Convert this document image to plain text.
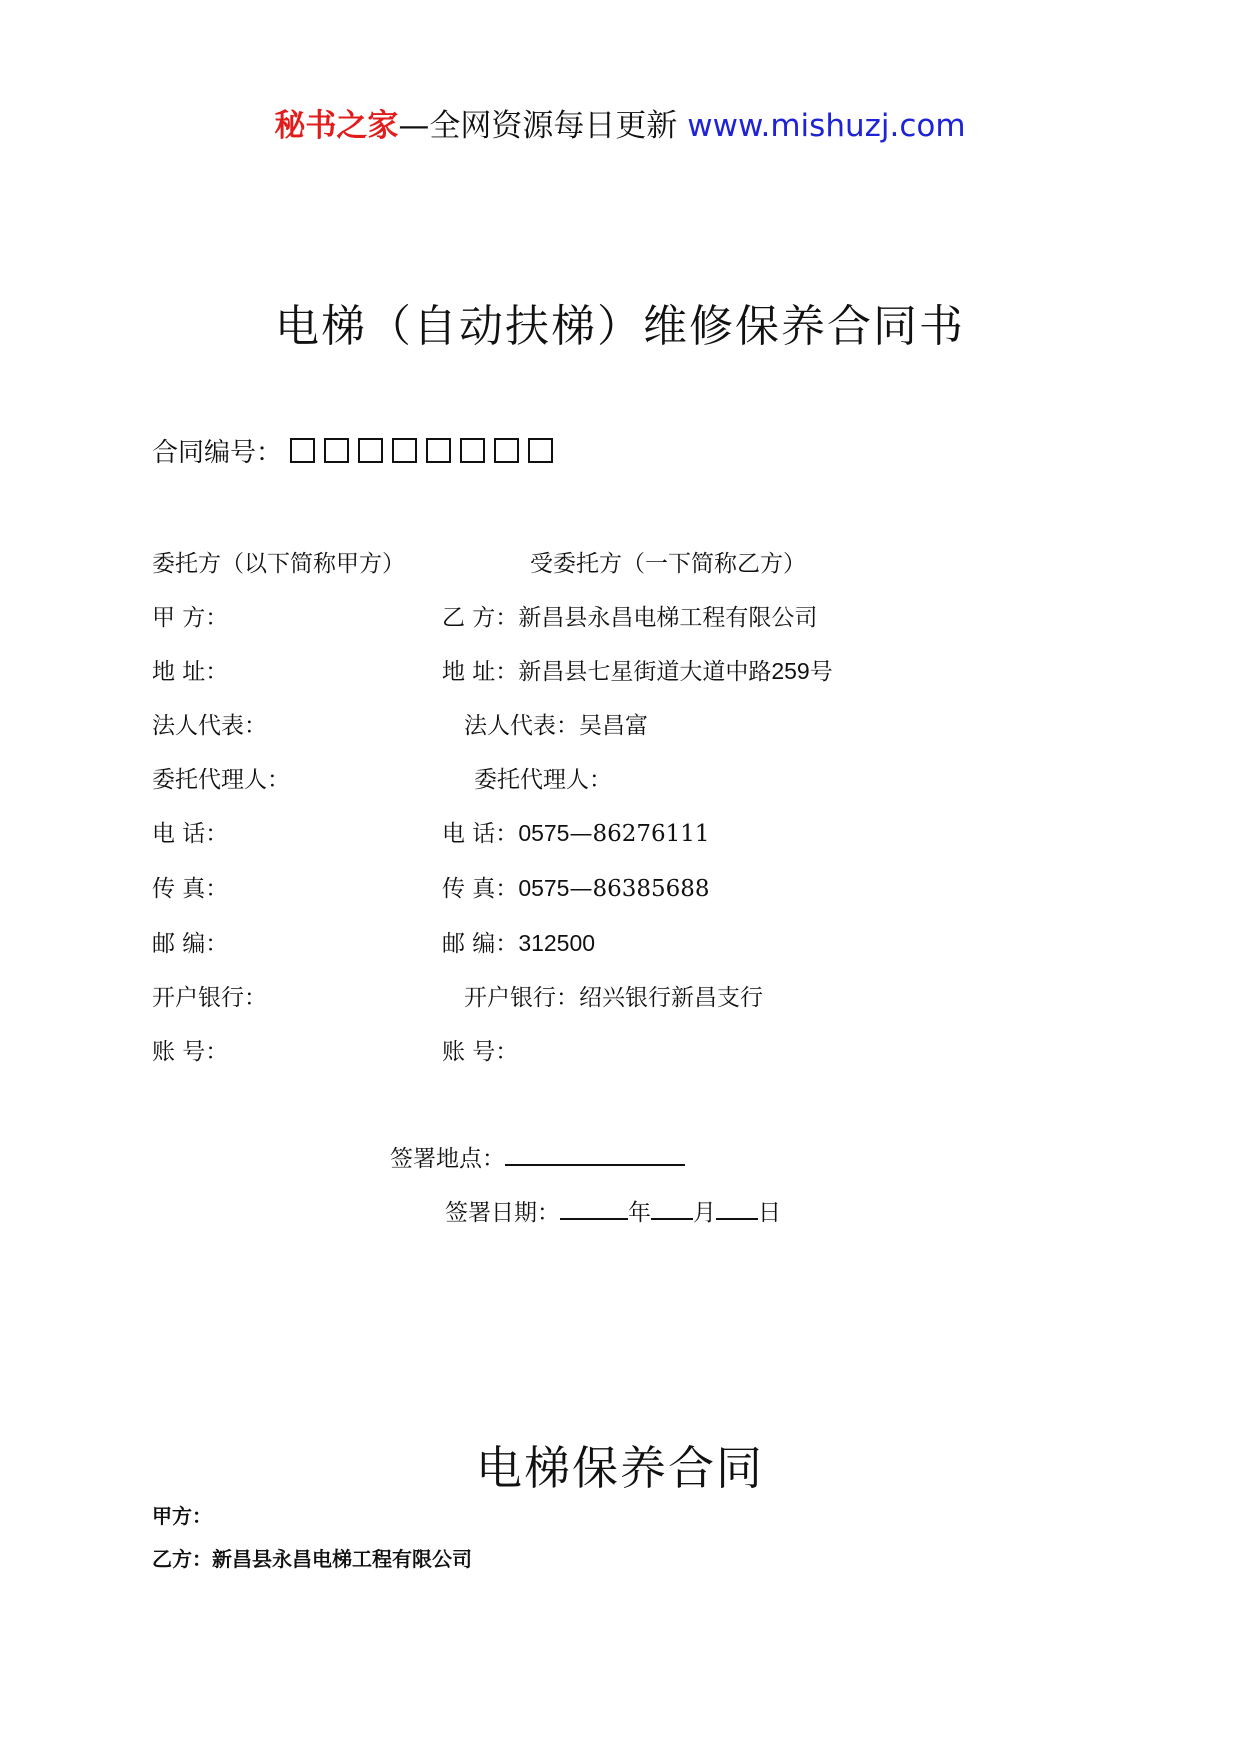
秘书之家—全网资源每日更新 www.mishuzj.com
电梯（自动扶梯）维修保养合同书
合同编号：
委托方（以下简称甲方）	受委托方（一下简称乙方）
甲 方：	乙 方：新昌县永昌电梯工程有限公司
地 址：	地 址：新昌县七星街道大道中路259号
法人代表：	法人代表：吴昌富
委托代理人：	委托代理人：
电 话：	电 话：0575—86276111
传 真：	传 真：0575—86385688
邮 编：	邮 编：312500
开户银行：	开户银行：绍兴银行新昌支行
账 号：	账 号：
签署地点：
签署日期：	年 月 日
电梯保养合同
甲方：
乙方：新昌县永昌电梯工程有限公司
